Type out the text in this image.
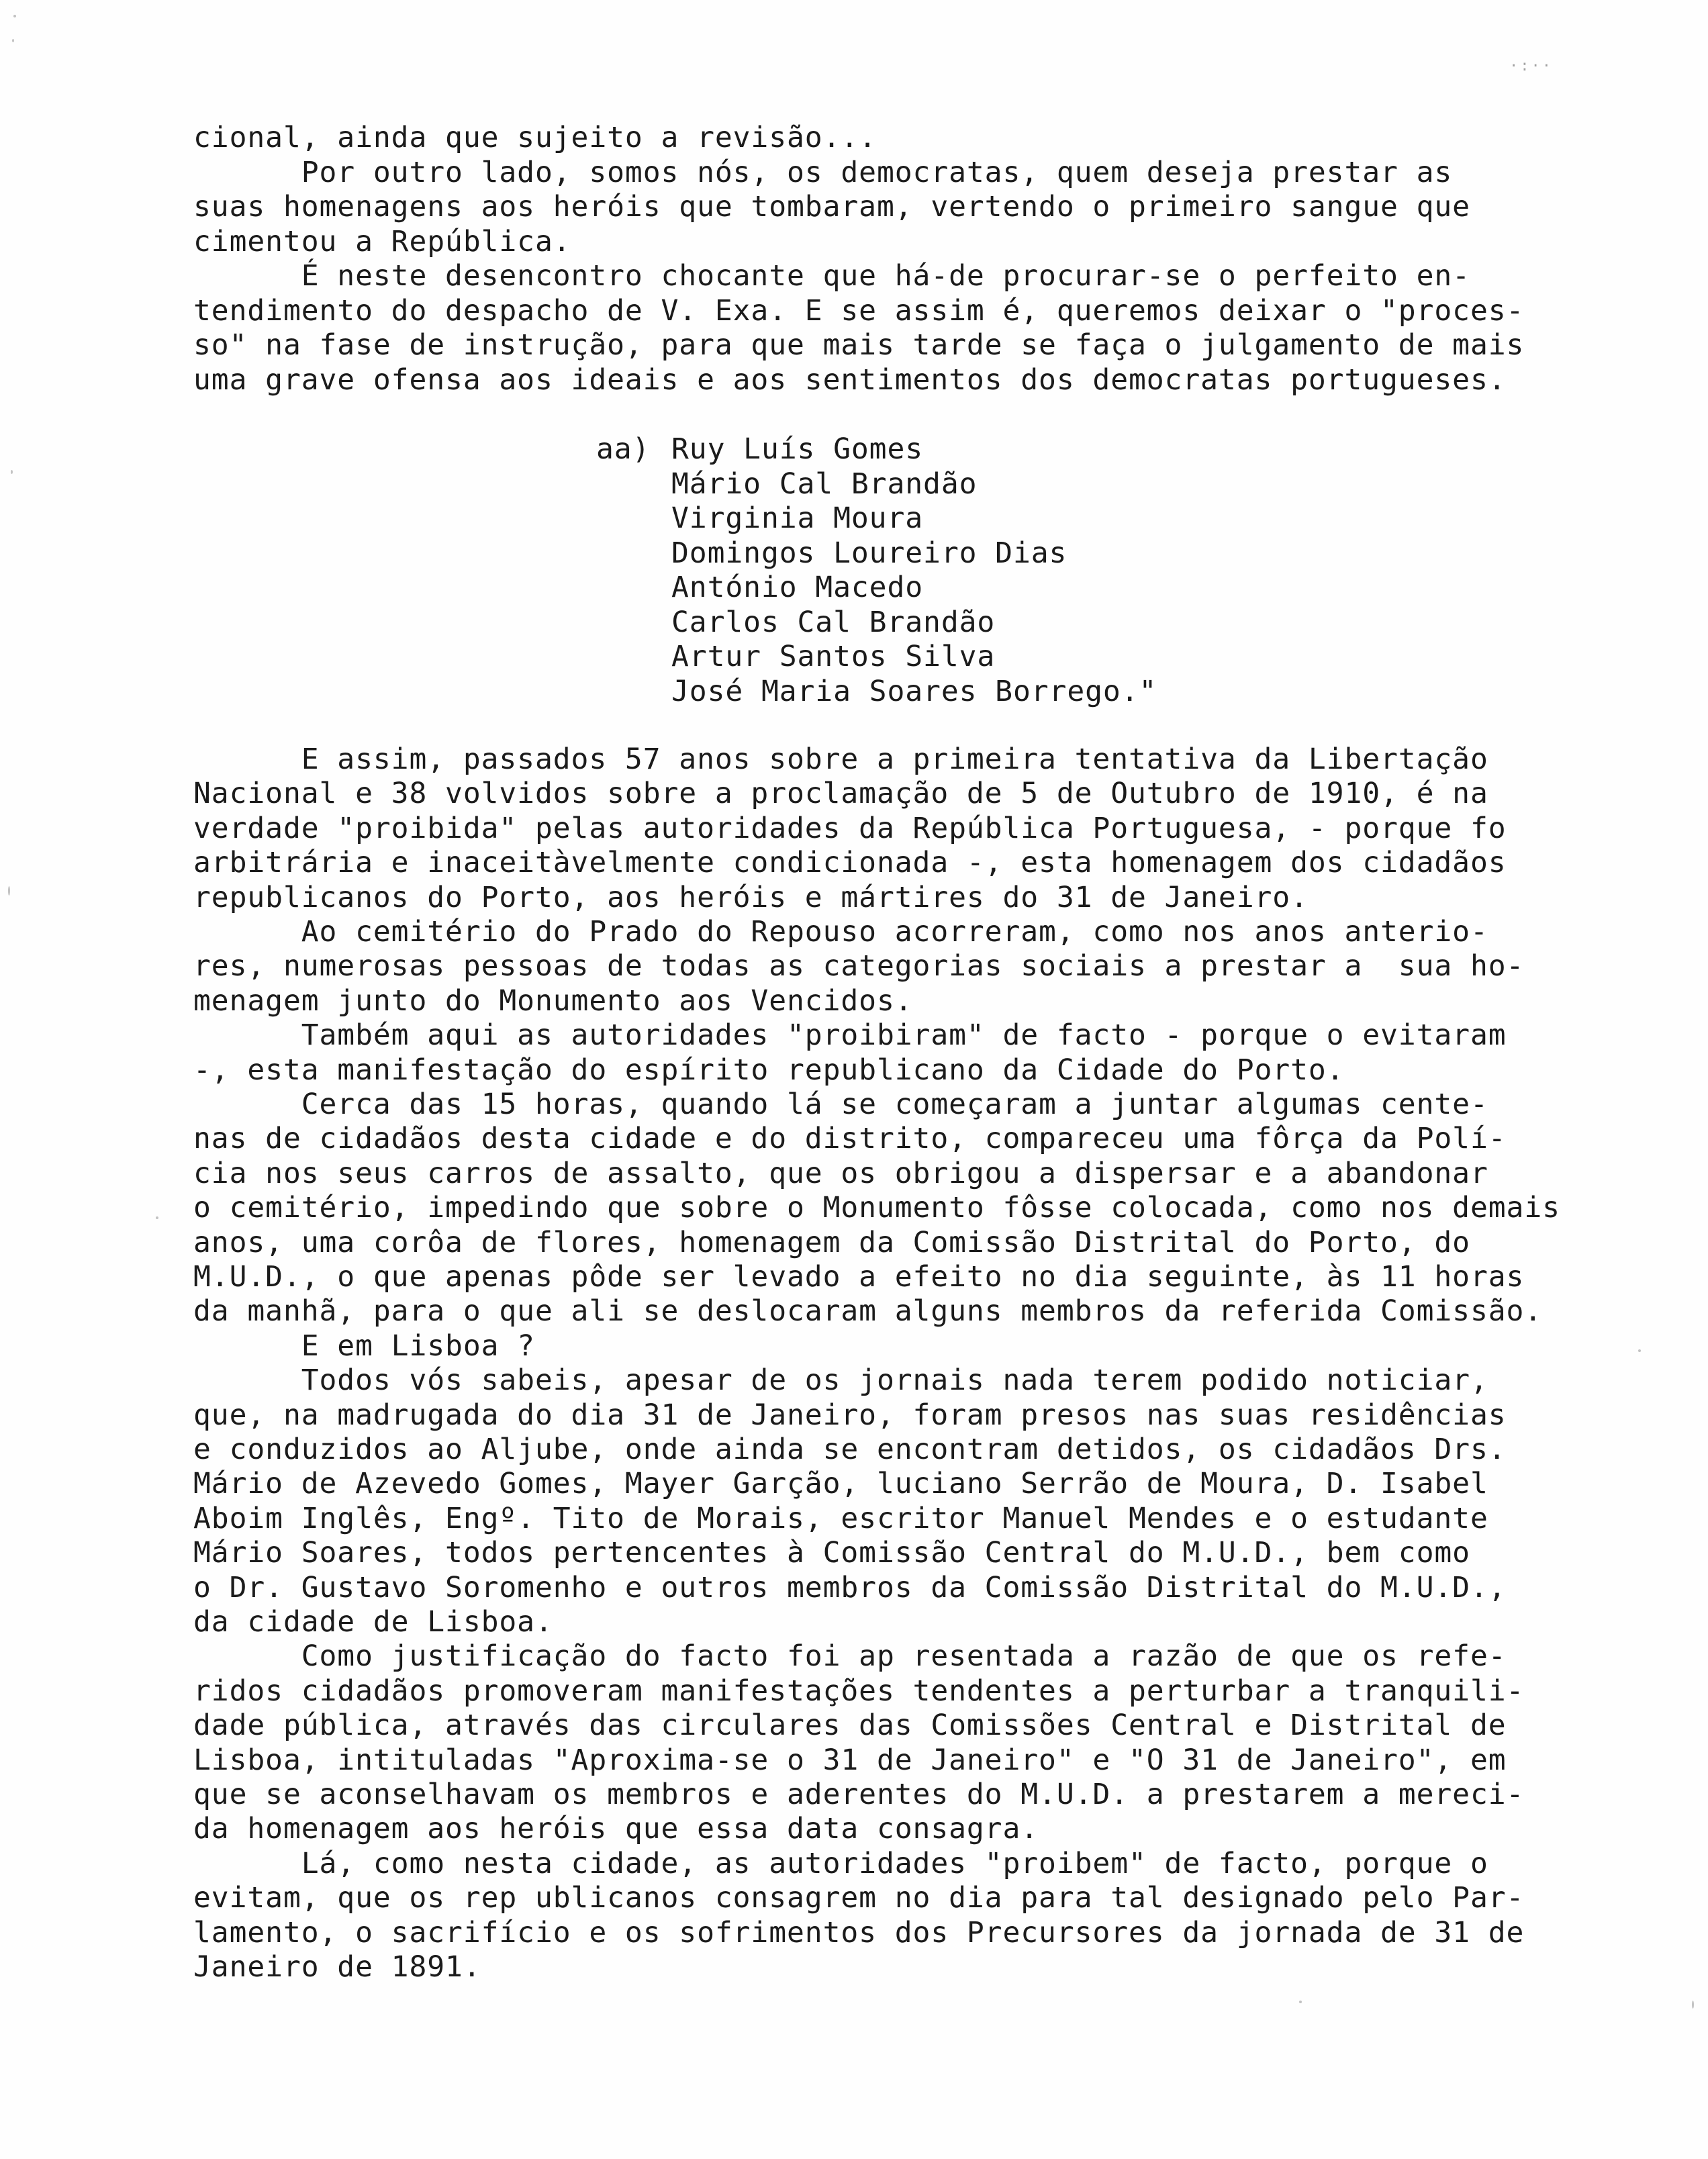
·:··
cional, ainda que sujeito a revisão...
Por outro lado, somos nós, os democratas, quem deseja prestar as
suas homenagens aos heróis que tombaram, vertendo o primeiro sangue que
cimentou a República.
É neste desencontro chocante que há-de procurar-se o perfeito en-
tendimento do despacho de V. Exa. E se assim é, queremos deixar o "proces-
so" na fase de instrução, para que mais tarde se faça o julgamento de mais
uma grave ofensa aos ideais e aos sentimentos dos democratas portugueses.
aa) Ruy Luís Gomes
Mário Cal Brandão
Virginia Moura
Domingos Loureiro Dias
António Macedo
Carlos Cal Brandão
Artur Santos Silva
José Maria Soares Borrego."
E assim, passados 57 anos sobre a primeira tentativa da Libertação
Nacional e 38 volvidos sobre a proclamação de 5 de Outubro de 1910, é na
verdade "proibida" pelas autoridades da República Portuguesa, - porque fo
arbitrária e inaceitàvelmente condicionada -, esta homenagem dos cidadãos
republicanos do Porto, aos heróis e mártires do 31 de Janeiro.
Ao cemitério do Prado do Repouso acorreram, como nos anos anterio-
res, numerosas pessoas de todas as categorias sociais a prestar a  sua ho-
menagem junto do Monumento aos Vencidos.
Também aqui as autoridades "proibiram" de facto - porque o evitaram
-, esta manifestação do espírito republicano da Cidade do Porto.
Cerca das 15 horas, quando lá se começaram a juntar algumas cente-
nas de cidadãos desta cidade e do distrito, compareceu uma fôrça da Polí-
cia nos seus carros de assalto, que os obrigou a dispersar e a abandonar
o cemitério, impedindo que sobre o Monumento fôsse colocada, como nos demais
anos, uma corôa de flores, homenagem da Comissão Distrital do Porto, do
M.U.D., o que apenas pôde ser levado a efeito no dia seguinte, às 11 horas
da manhã, para o que ali se deslocaram alguns membros da referida Comissão.
E em Lisboa ?
Todos vós sabeis, apesar de os jornais nada terem podido noticiar,
que, na madrugada do dia 31 de Janeiro, foram presos nas suas residências
e conduzidos ao Aljube, onde ainda se encontram detidos, os cidadãos Drs.
Mário de Azevedo Gomes, Mayer Garção, luciano Serrão de Moura, D. Isabel
Aboim Inglês, Engº. Tito de Morais, escritor Manuel Mendes e o estudante
Mário Soares, todos pertencentes à Comissão Central do M.U.D., bem como
o Dr. Gustavo Soromenho e outros membros da Comissão Distrital do M.U.D.,
da cidade de Lisboa.
Como justificação do facto foi ap resentada a razão de que os refe-
ridos cidadãos promoveram manifestações tendentes a perturbar a tranquili-
dade pública, através das circulares das Comissões Central e Distrital de
Lisboa, intituladas "Aproxima-se o 31 de Janeiro" e "O 31 de Janeiro", em
que se aconselhavam os membros e aderentes do M.U.D. a prestarem a mereci-
da homenagem aos heróis que essa data consagra.
Lá, como nesta cidade, as autoridades "proibem" de facto, porque o
evitam, que os rep ublicanos consagrem no dia para tal designado pelo Par-
lamento, o sacrifício e os sofrimentos dos Precursores da jornada de 31 de
Janeiro de 1891.
